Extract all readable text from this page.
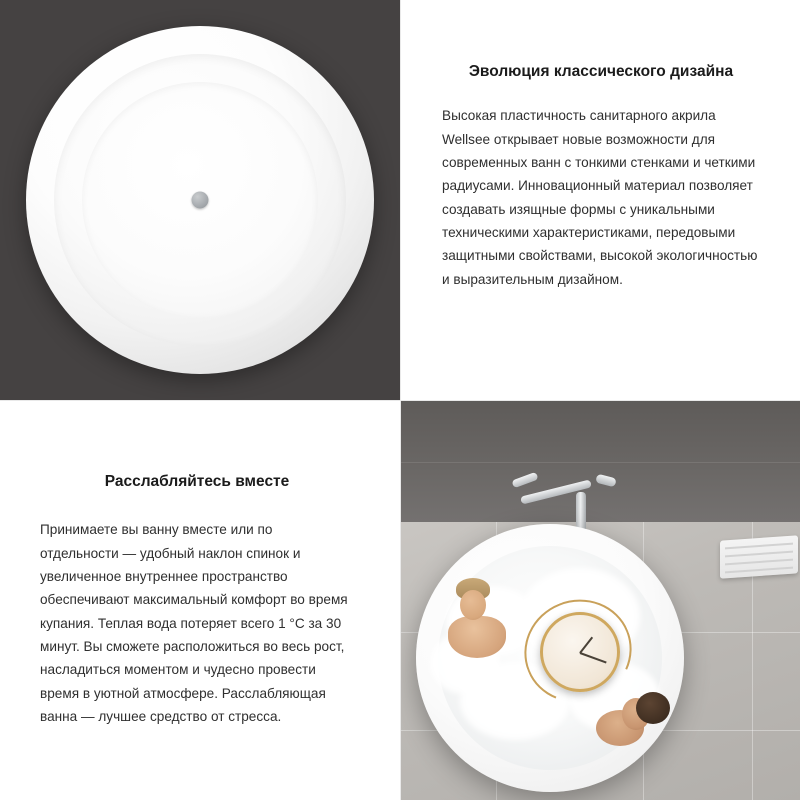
Эволюция классического дизайна

Высокая пластичность санитарного акрила Wellsee открывает новые возможности для современных ванн с тонкими стенками и четкими радиусами. Инновационный материал позволяет создавать изящные формы с уникальными техническими характеристиками, передовыми защитными свойствами, высокой экологичностью и выразительным дизайном.

Расслабляйтесь вместе

Принимаете вы ванну вместе или по отдельности — удобный наклон спинок и увеличенное внутреннее пространство обеспечивают максимальный комфорт во время купания. Теплая вода потеряет всего 1 °C за 30 минут. Вы сможете расположиться во весь рост, насладиться моментом и чудесно провести время в уютной атмосфере. Расслабляющая ванна — лучшее средство от стресса.
